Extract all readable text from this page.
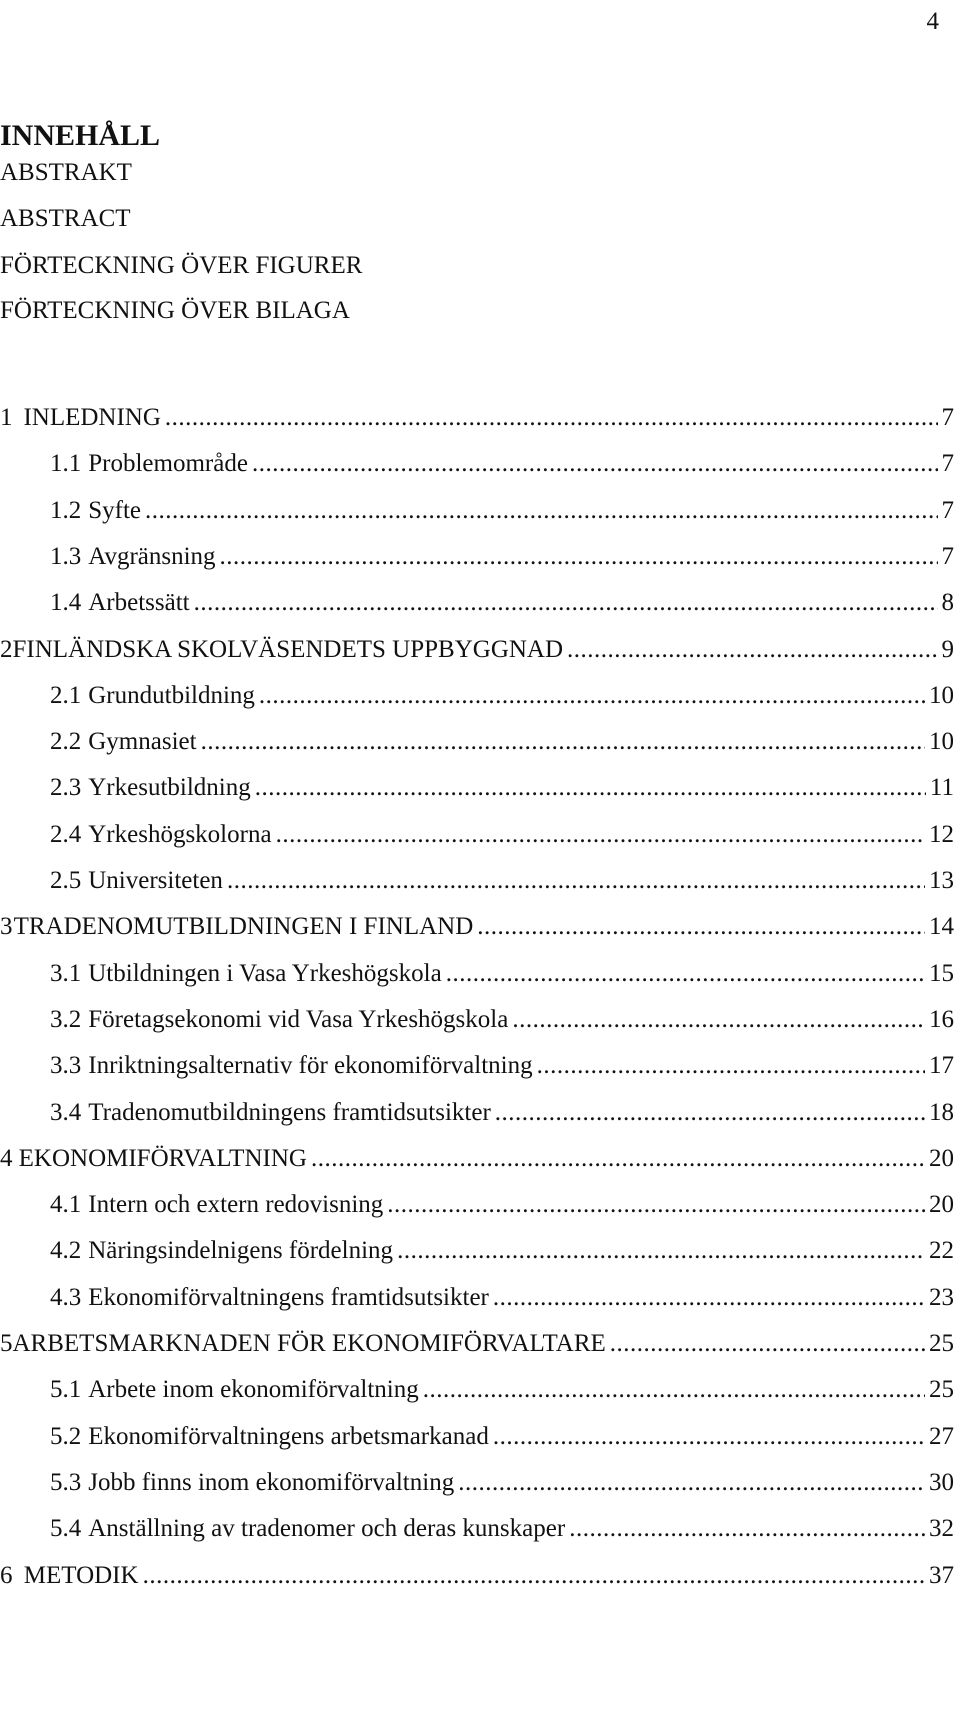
4
INNEHÅLL
ABSTRAKT
ABSTRACT
FÖRTECKNING ÖVER FIGURER
FÖRTECKNING ÖVER BILAGA
1 INLEDNING .....	7
1.1 Problemområde .....	7
1.2 Syfte .....	7
1.3 Avgränsning .....	7
1.4 Arbetssätt .....	8
2 FINLÄNDSKA SKOLVÄSENDETS UPPBYGGNAD .....	9
2.1 Grundutbildning .....	10
2.2 Gymnasiet .....	10
2.3 Yrkesutbildning .....	11
2.4 Yrkeshögskolorna .....	12
2.5 Universiteten .....	13
3 TRADENOMUTBILDNINGEN I FINLAND .....	14
3.1 Utbildningen i Vasa Yrkeshögskola .....	15
3.2 Företagsekonomi vid Vasa Yrkeshögskola .....	16
3.3 Inriktningsalternativ för ekonomiförvaltning .....	17
3.4 Tradenomutbildningens framtidsutsikter .....	18
4 EKONOMIFÖRVALTNING .....	20
4.1 Intern och extern redovisning .....	20
4.2 Näringsindelnigens fördelning .....	22
4.3 Ekonomiförvaltningens framtidsutsikter .....	23
5 ARBETSMARKNADEN FÖR EKONOMIFÖRVALTARE .....	25
5.1 Arbete inom ekonomiförvaltning .....	25
5.2 Ekonomiförvaltningens arbetsmarkanad .....	27
5.3 Jobb finns inom ekonomiförvaltning .....	30
5.4 Anställning av tradenomer och deras kunskaper .....	32
6 METODIK .....	37
